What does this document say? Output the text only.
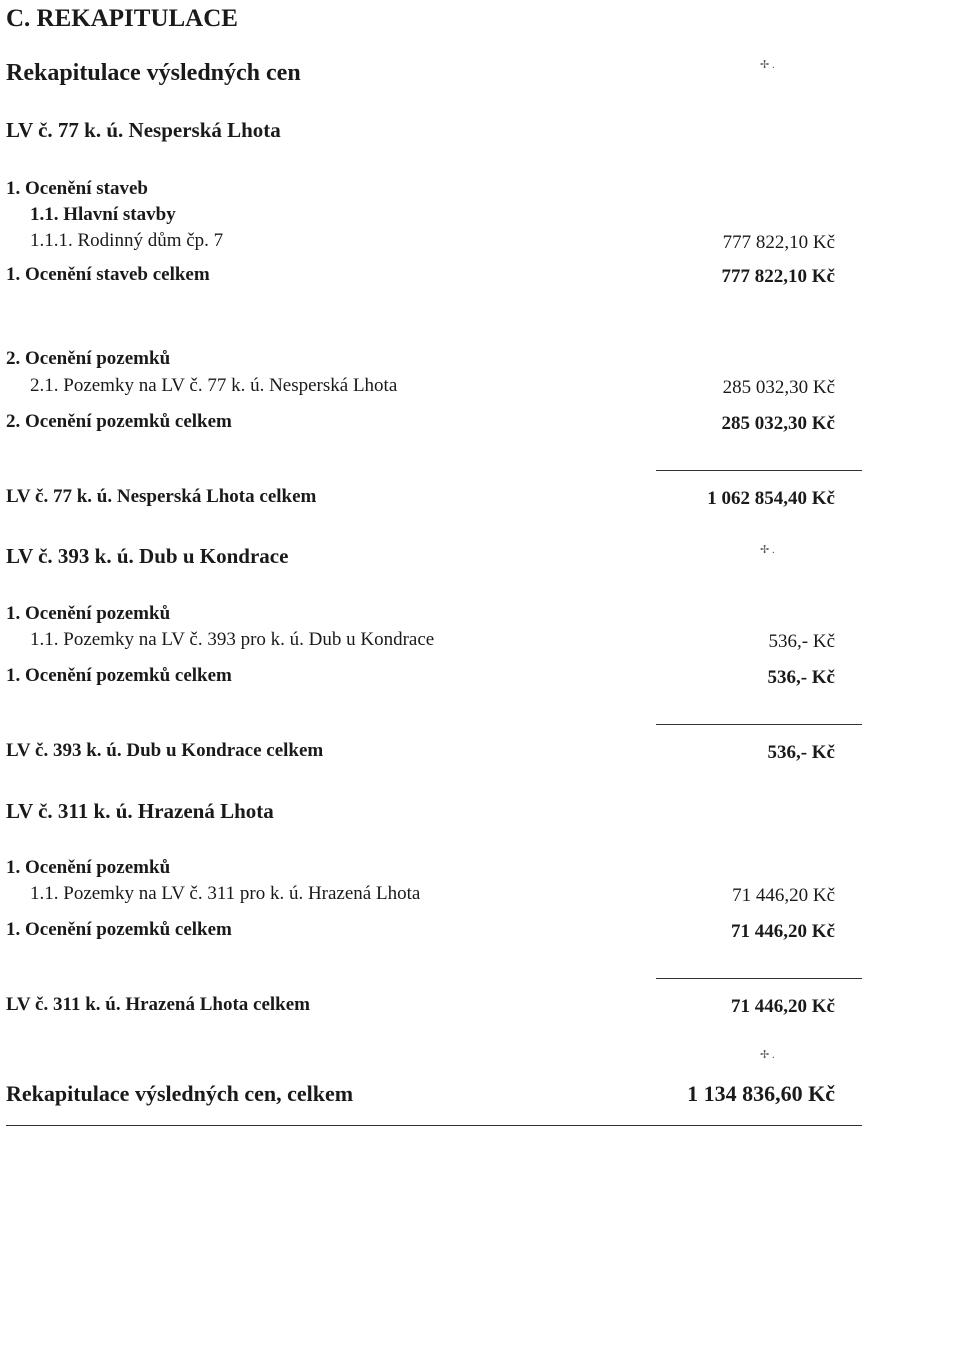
C. REKAPITULACE
Rekapitulace výsledných cen	✢ .
LV č. 77 k. ú. Nesperská Lhota
1. Ocenění staveb
1.1. Hlavní stavby
1.1.1. Rodinný dům čp. 7	777 822,10 Kč
1. Ocenění staveb celkem	777 822,10 Kč
2. Ocenění pozemků
2.1. Pozemky na LV č. 77 k. ú. Nesperská Lhota	285 032,30 Kč
2. Ocenění pozemků celkem	285 032,30 Kč
LV č. 77 k. ú. Nesperská Lhota celkem	1 062 854,40 Kč
LV č. 393 k. ú. Dub u Kondrace	✢ .
1. Ocenění pozemků
1.1. Pozemky na LV č. 393 pro k. ú. Dub u Kondrace	536,- Kč
1. Ocenění pozemků celkem	536,- Kč
LV č. 393 k. ú. Dub u Kondrace celkem	536,- Kč
LV č. 311 k. ú. Hrazená Lhota
1. Ocenění pozemků
1.1. Pozemky na LV č. 311 pro k. ú. Hrazená Lhota	71 446,20 Kč
1. Ocenění pozemků celkem	71 446,20 Kč
LV č. 311 k. ú. Hrazená Lhota celkem	71 446,20 Kč
✢ .
Rekapitulace výsledných cen, celkem	1 134 836,60 Kč
